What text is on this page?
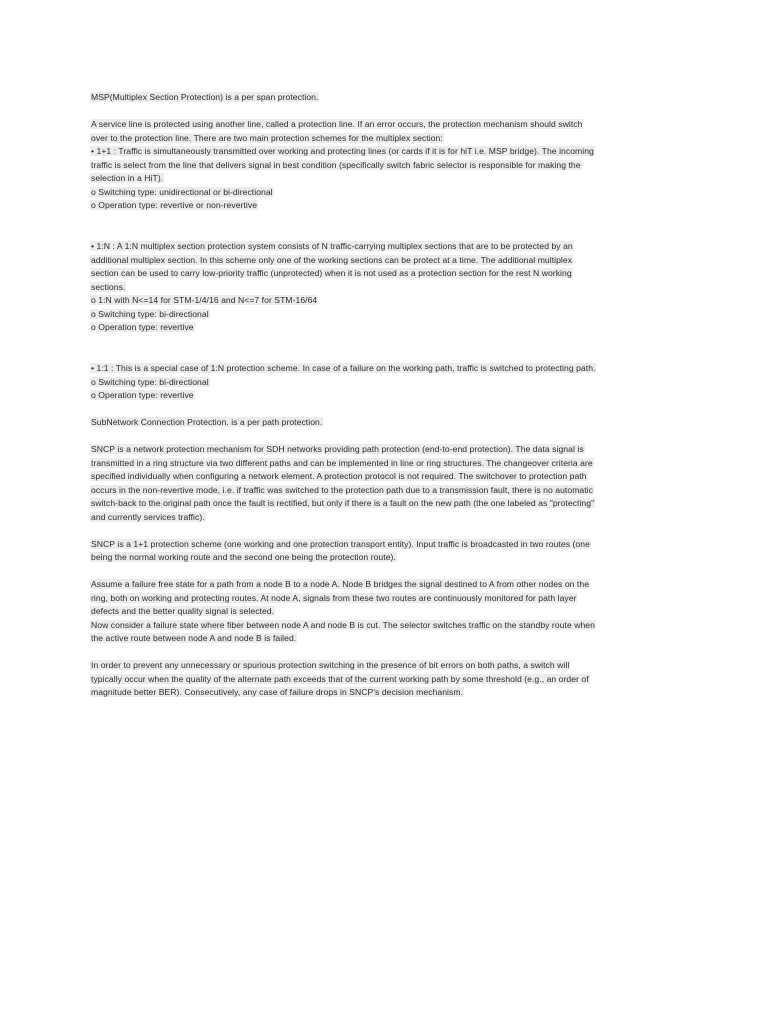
MSP(Multiplex Section Protection) is a per span protection.
A service line is protected using another line, called a protection line. If an error occurs, the protection mechanism should switch
over to the protection line. There are two main protection schemes for the multiplex section:
• 1+1 : Traffic is simultaneously transmitted over working and protecting lines (or cards if it is for hiT i.e. MSP bridge). The incoming
traffic is select from the line that delivers signal in best condition (specifically switch fabric selector is responsible for making the
selection in a HiT).
o Switching type: unidirectional or bi-directional
o Operation type: revertive or non-revertive
• 1:N : A 1:N multiplex section protection system consists of N traffic-carrying multiplex sections that are to be protected by an
additional multiplex section. In this scheme only one of the working sections can be protect at a time. The additional multiplex
section can be used to carry low-priority traffic (unprotected) when it is not used as a protection section for the rest N working
sections.
o 1:N with N<=14 for STM-1/4/16 and N<=7 for STM-16/64
o Switching type: bi-directional
o Operation type: revertive
• 1:1 : This is a special case of 1:N protection scheme. In case of a failure on the working path, traffic is switched to protecting path.
o Switching type: bi-directional
o Operation type: revertive
SubNetwork Connection Protection. is a per path protection.
SNCP is a network protection mechanism for SDH networks providing path protection (end-to-end protection). The data signal is
transmitted in a ring structure via two different paths and can be implemented in line or ring structures. The changeover criteria are
specified individually when configuring a network element. A protection protocol is not required. The switchover to protection path
occurs in the non-revertive mode, i.e. if traffic was switched to the protection path due to a transmission fault, there is no automatic
switch-back to the original path once the fault is rectified, but only if there is a fault on the new path (the one labeled as "protecting"
and currently services traffic).
SNCP is a 1+1 protection scheme (one working and one protection transport entity). Input traffic is broadcasted in two routes (one
being the normal working route and the second one being the protection route).
Assume a failure free state for a path from a node B to a node A. Node B bridges the signal destined to A from other nodes on the
ring, both on working and protecting routes. At node A, signals from these two routes are continuously monitored for path layer
defects and the better quality signal is selected.
Now consider a failure state where fiber between node A and node B is cut. The selector switches traffic on the standby route when
the active route between node A and node B is failed.
In order to prevent any unnecessary or spurious protection switching in the presence of bit errors on both paths, a switch will
typically occur when the quality of the alternate path exceeds that of the current working path by some threshold (e.g., an order of
magnitude better BER). Consecutively, any case of failure drops in SNCP's decision mechanism.
